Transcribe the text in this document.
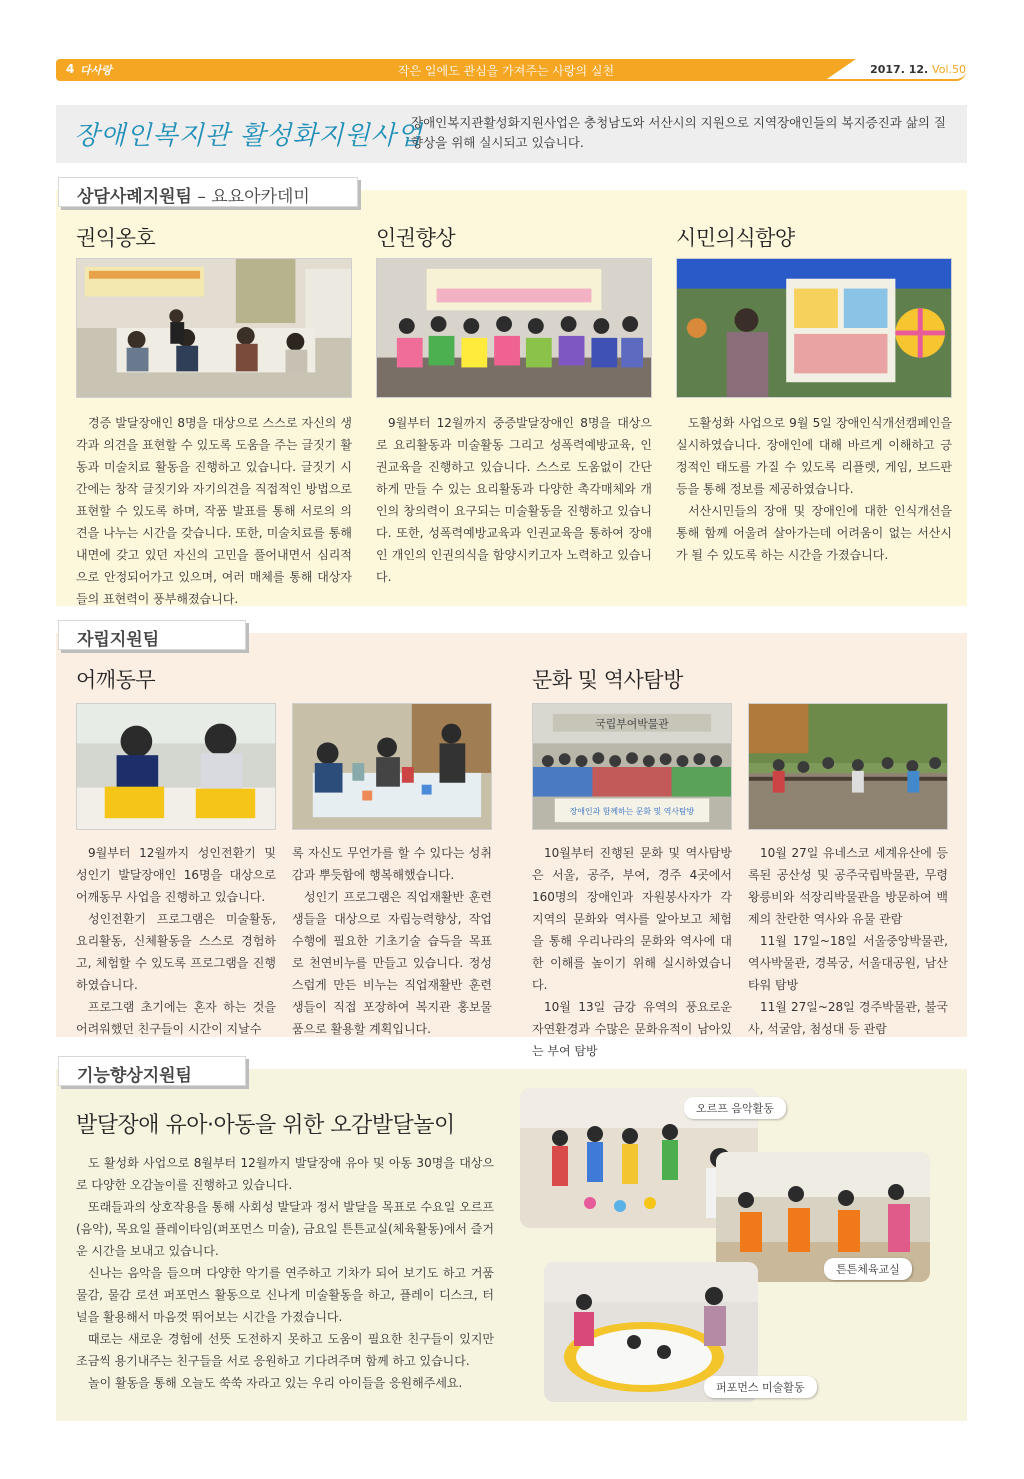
4 다사랑	작은 일에도 관심을 가져주는 사랑의 실천	2017. 12. Vol.50
장애인복지관 활성화지원사업
장애인복지관활성화지원사업은 충청남도와 서산시의 지원으로 지역장애인들의 복지증진과 삶의 질 향상을 위해 실시되고 있습니다.
상담사례지원팀 – 요요아카데미
권익옹호	인권향상	시민의식함양

경증 발달장애인 8명을 대상으로 스스로 자신의 생각과 의견을 표현할 수 있도록 도움을 주는 글짓기 활동과 미술치료 활동을 진행하고 있습니다. 글짓기 시간에는 창작 글짓기와 자기의견을 직접적인 방법으로 표현할 수 있도록 하며, 작품 발표를 통해 서로의 의견을 나누는 시간을 갖습니다. 또한, 미술치료를 통해 내면에 갖고 있던 자신의 고민을 풀어내면서 심리적으로 안정되어가고 있으며, 여러 매체를 통해 대상자들의 표현력이 풍부해졌습니다.

9월부터 12월까지 중증발달장애인 8명을 대상으로 요리활동과 미술활동 그리고 성폭력예방교육, 인권교육을 진행하고 있습니다. 스스로 도움없이 간단하게 만들 수 있는 요리활동과 다양한 촉각매체와 개인의 창의력이 요구되는 미술활동을 진행하고 있습니다. 또한, 성폭력예방교육과 인권교육을 통하여 장애인 개인의 인권의식을 함양시키고자 노력하고 있습니다.

도활성화 사업으로 9월 5일 장애인식개선캠페인을 실시하였습니다. 장애인에 대해 바르게 이해하고 긍정적인 태도를 가질 수 있도록 리플렛, 게임, 보드판 등을 통해 정보를 제공하였습니다.

서산시민들의 장애 및 장애인에 대한 인식개선을 통해 함께 어울려 살아가는데 어려움이 없는 서산시가 될 수 있도록 하는 시간을 가졌습니다.

자립지원팀
어깨동무	문화 및 역사탐방
국립부여박물관
장애인과 함께하는 문화 및 역사탐방

9월부터 12월까지 성인전환기 및 성인기 발달장애인 16명을 대상으로 어깨동무 사업을 진행하고 있습니다.

성인전환기 프로그램은 미술활동, 요리활동, 신체활동을 스스로 경험하고, 체험할 수 있도록 프로그램을 진행하였습니다.

프로그램 초기에는 혼자 하는 것을 어려워했던 친구들이 시간이 지날수

록 자신도 무언가를 할 수 있다는 성취감과 뿌듯함에 행복해했습니다.

성인기 프로그램은 직업재활반 훈련생들을 대상으로 자립능력향상, 작업수행에 필요한 기초기술 습득을 목표로 천연비누를 만들고 있습니다. 정성스럽게 만든 비누는 직업재활반 훈련생들이 직접 포장하여 복지관 홍보물품으로 활용할 계획입니다.

10월부터 진행된 문화 및 역사탐방은 서울, 공주, 부여, 경주 4곳에서 160명의 장애인과 자원봉사자가 각 지역의 문화와 역사를 알아보고 체험을 통해 우리나라의 문화와 역사에 대한 이해를 높이기 위해 실시하였습니다.

10월 13일 금강 유역의 풍요로운 자연환경과 수많은 문화유적이 남아있는 부여 탐방

10월 27일 유네스코 세계유산에 등록된 공산성 및 공주국립박물관, 무령왕릉비와 석장리박물관을 방문하여 백제의 찬란한 역사와 유물 관람

11월 17일~18일 서울중앙박물관, 역사박물관, 경복궁, 서울대공원, 남산타워 탐방

11월 27일~28일 경주박물관, 불국사, 석굴암, 첨성대 등 관람

기능향상지원팀
발달장애 유아·아동을 위한 오감발달놀이

도 활성화 사업으로 8월부터 12월까지 발달장애 유아 및 아동 30명을 대상으로 다양한 오감놀이를 진행하고 있습니다.

또래들과의 상호작용을 통해 사회성 발달과 정서 발달을 목표로 수요일 오르프(음악), 목요일 플레이타임(퍼포먼스 미술), 금요일 튼튼교실(체육활동)에서 즐거운 시간을 보내고 있습니다.

신나는 음악을 들으며 다양한 악기를 연주하고 기차가 되어 보기도 하고 거품 물감, 물감 로션 퍼포먼스 활동으로 신나게 미술활동을 하고, 플레이 디스크, 터널을 활용해서 마음껏 뛰어보는 시간을 가졌습니다.

때로는 새로운 경험에 선뜻 도전하지 못하고 도움이 필요한 친구들이 있지만 조금씩 용기내주는 친구들을 서로 응원하고 기다려주며 함께 하고 있습니다.

놀이 활동을 통해 오늘도 쑥쑥 자라고 있는 우리 아이들을 응원해주세요.

오르프 음악활동
튼튼체육교실
퍼포먼스 미술활동
